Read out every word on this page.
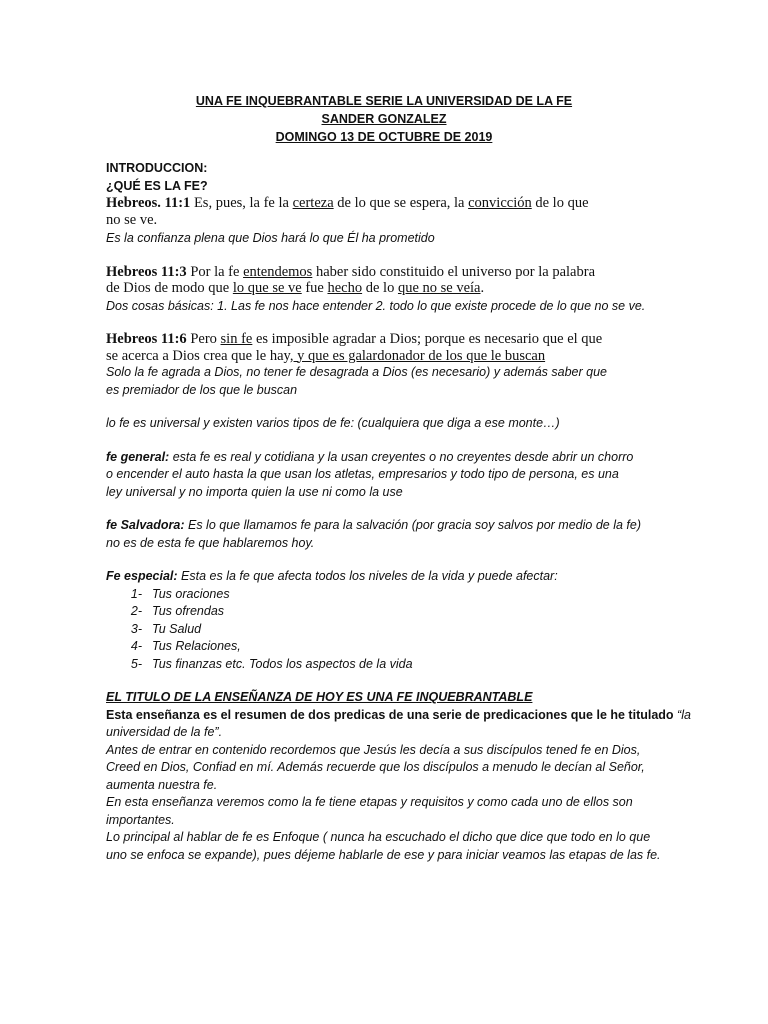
UNA FE INQUEBRANTABLE SERIE LA UNIVERSIDAD DE LA FE
SANDER GONZALEZ
DOMINGO 13 DE OCTUBRE DE 2019
INTRODUCCION:
¿QUÉ ES LA FE?
Hebreos. 11:1 Es, pues, la fe la certeza de lo que se espera, la convicción de lo que
no se ve.
Es la confianza plena que Dios hará lo que Él ha prometido
Hebreos 11:3 Por la fe entendemos haber sido constituido el universo por la palabra
de Dios de modo que lo que se ve fue hecho de lo que no se veía.
Dos cosas básicas: 1. Las fe nos hace entender 2. todo lo que existe procede de lo que no se ve.
Hebreos 11:6 Pero sin fe es imposible agradar a Dios; porque es necesario que el que
se acerca a Dios crea que le hay, y que es galardonador de los que le buscan
Solo la fe agrada a Dios, no tener fe desagrada a Dios (es necesario) y además saber que
es premiador de los que le buscan
lo fe es universal y existen varios tipos de fe: (cualquiera que diga a ese monte…)
fe general: esta fe es real y cotidiana y la usan creyentes o no creyentes desde abrir un chorro
o encender el auto hasta la que usan los atletas, empresarios y todo tipo de persona, es una
ley universal y no importa quien la use ni como la use
fe Salvadora: Es lo que llamamos fe para la salvación (por gracia soy salvos por medio de la fe)
no es de esta fe que hablaremos hoy.
Fe especial: Esta es la fe que afecta todos los niveles de la vida y puede afectar:
1- Tus oraciones
2- Tus ofrendas
3- Tu Salud
4- Tus Relaciones,
5- Tus finanzas etc. Todos los aspectos de la vida
EL TITULO DE LA ENSEÑANZA DE HOY ES UNA FE INQUEBRANTABLE
Esta enseñanza es el resumen de dos predicas de una serie de predicaciones que le he titulado “la
universidad de la fe”.
Antes de entrar en contenido recordemos que Jesús les decía a sus discípulos tened fe en Dios,
Creed en Dios, Confiad en mí. Además recuerde que los discípulos a menudo le decían al Señor,
aumenta nuestra fe.
En esta enseñanza veremos como la fe tiene etapas y requisitos y como cada uno de ellos son
importantes.
Lo principal al hablar de fe es Enfoque ( nunca ha escuchado el dicho que dice que todo en lo que
uno se enfoca se expande), pues déjeme hablarle de ese y para iniciar veamos las etapas de las fe.
